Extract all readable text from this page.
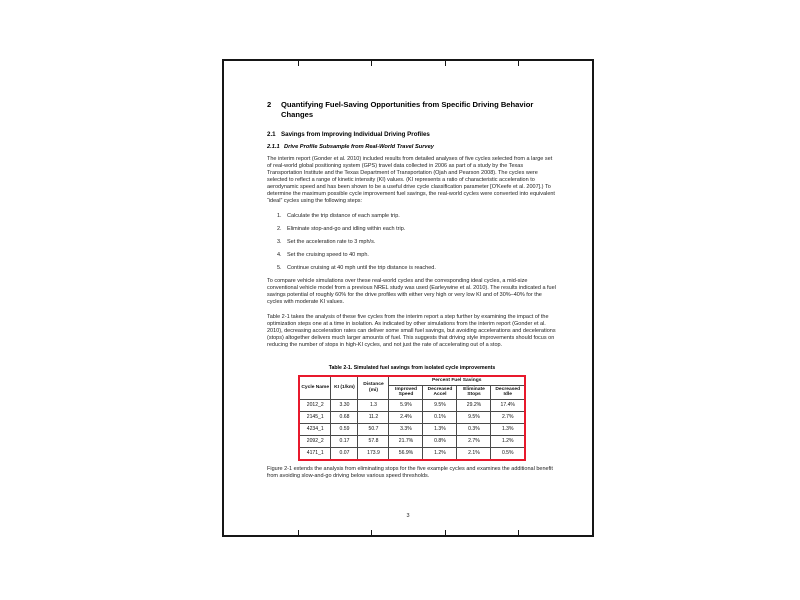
2	Quantifying Fuel-Saving Opportunities from Specific Driving Behavior Changes
2.1 Savings from Improving Individual Driving Profiles
2.1.1 Drive Profile Subsample from Real-World Travel Survey

The interim report (Gonder et al. 2010) included results from detailed analyses of five cycles selected from a large set of real-world global positioning system (GPS) travel data collected in 2006 as part of a study by the Texas Transportation Institute and the Texas Department of Transportation (Ojah and Pearson 2008). The cycles were selected to reflect a range of kinetic intensity (KI) values. (KI represents a ratio of characteristic acceleration to aerodynamic speed and has been shown to be a useful drive cycle classification parameter [O'Keefe et al. 2007].) To determine the maximum possible cycle improvement fuel savings, the real-world cycles were converted into equivalent “ideal” cycles using the following steps:

1. Calculate the trip distance of each sample trip.
2. Eliminate stop-and-go and idling within each trip.
3. Set the acceleration rate to 3 mph/s.
4. Set the cruising speed to 40 mph.
5. Continue cruising at 40 mph until the trip distance is reached.

To compare vehicle simulations over these real-world cycles and the corresponding ideal cycles, a mid-size conventional vehicle model from a previous NREL study was used (Earleywine et al. 2010). The results indicated a fuel savings potential of roughly 60% for the drive profiles with either very high or very low KI and of 30%–40% for the cycles with moderate KI values.

Table 2-1 takes the analysis of these five cycles from the interim report a step further by examining the impact of the optimization steps one at a time in isolation. As indicated by other simulations from the interim report (Gonder et al. 2010), decreasing acceleration rates can deliver some small fuel savings, but avoiding accelerations and decelerations (stops) altogether delivers much larger amounts of fuel. This suggests that driving style improvements should focus on reducing the number of stops in high-KI cycles, and not just the rate of accelerating out of a stop.

Table 2-1. Simulated fuel savings from isolated cycle improvements
Cycle Name	KI (1/km)	Distance (mi)	Percent Fuel Savings			
			Improved Speed	Decreased Accel	Eliminate Stops	Decreased Idle
2012_2	3.30	1.3	5.9%	9.5%	29.2%	17.4%
2145_1	0.68	11.2	2.4%	0.1%	9.5%	2.7%
4234_1	0.59	50.7	3.3%	1.3%	0.3%	1.3%
2092_2	0.17	57.8	21.7%	0.8%	2.7%	1.2%
4171_1	0.07	173.9	56.9%	1.2%	2.1%	0.5%

Figure 2-1 extends the analysis from eliminating stops for the five example cycles and examines the additional benefit from avoiding slow-and-go driving below various speed thresholds.

3
